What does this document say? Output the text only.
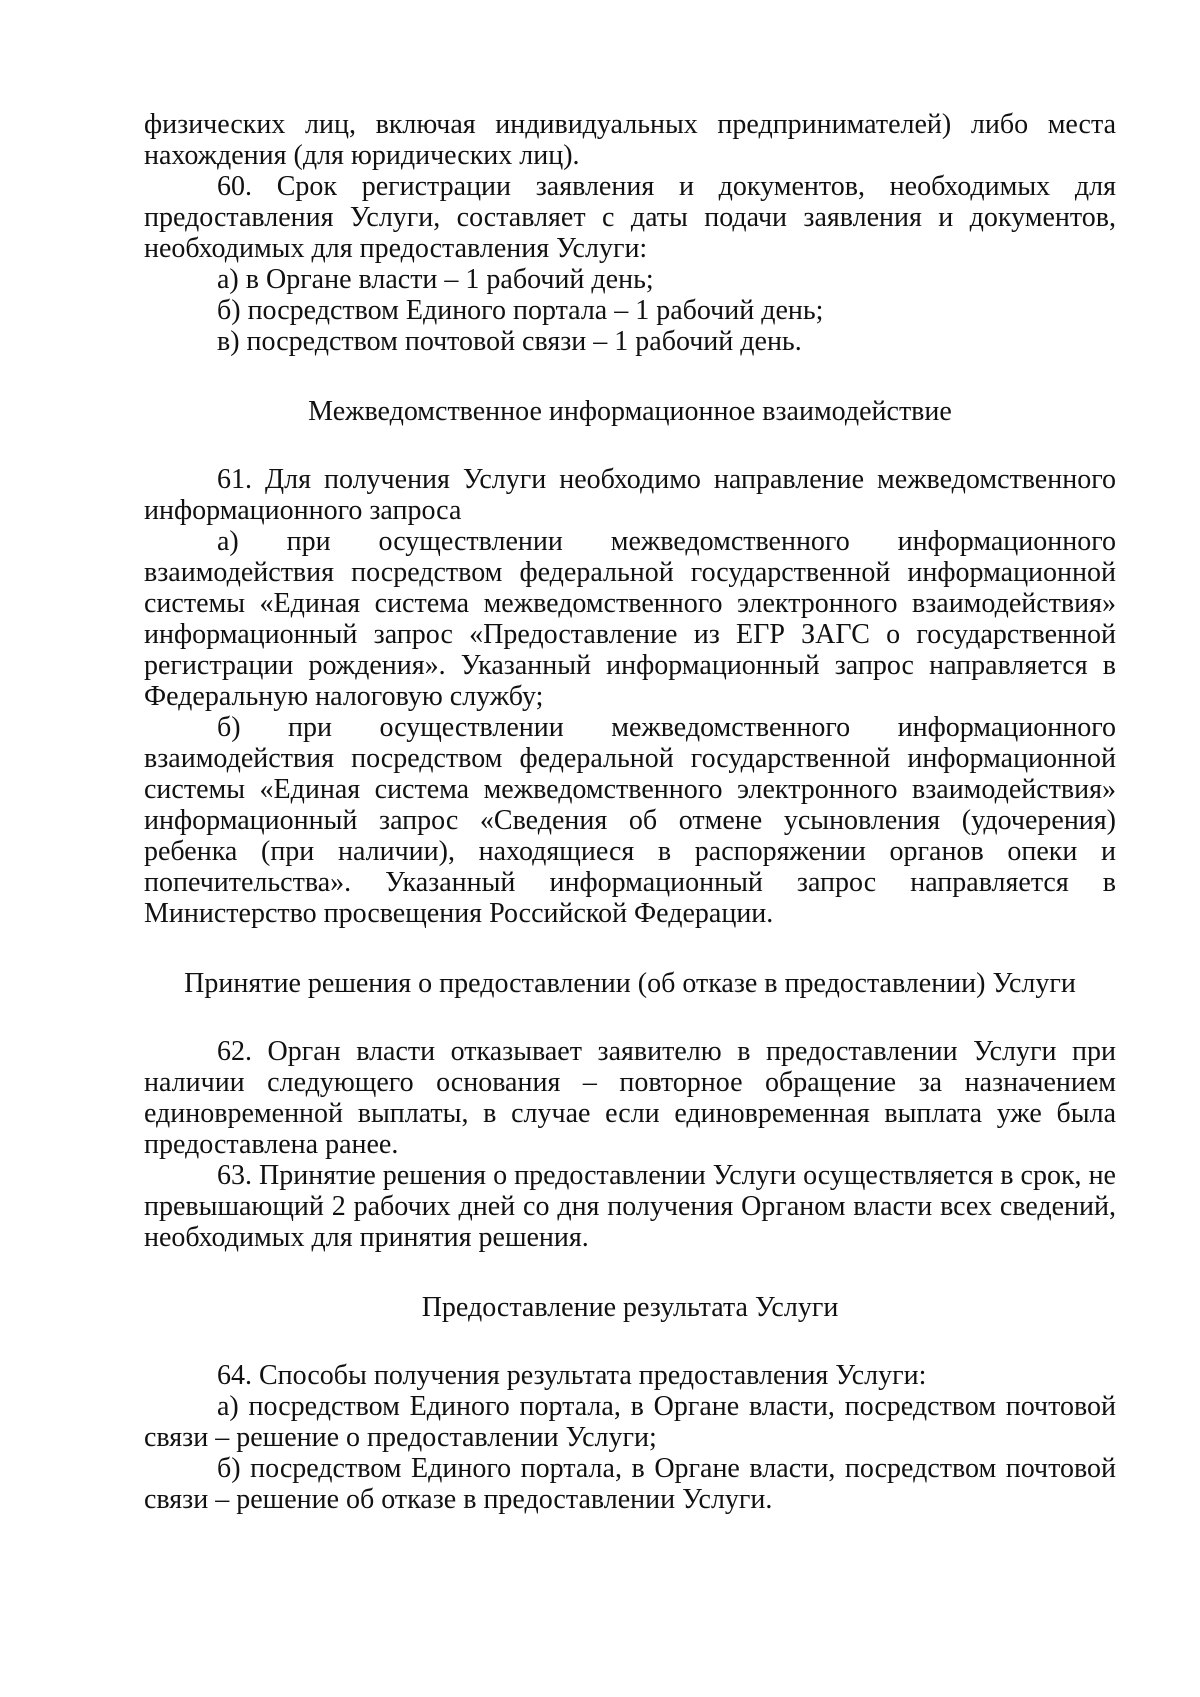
физических лиц, включая индивидуальных предпринимателей) либо места нахождения (для юридических лиц).

60. Срок регистрации заявления и документов, необходимых для предоставления Услуги, составляет с даты подачи заявления и документов, необходимых для предоставления Услуги:

а) в Органе власти – 1 рабочий день;

б) посредством Единого портала – 1 рабочий день;

в) посредством почтовой связи – 1 рабочий день.

Межведомственное информационное взаимодействие

61. Для получения Услуги необходимо направление межведомственного информационного запроса

а) при осуществлении межведомственного информационного взаимодействия посредством федеральной государственной информационной системы «Единая система межведомственного электронного взаимодействия» информационный запрос «Предоставление из ЕГР ЗАГС о государственной регистрации рождения». Указанный информационный запрос направляется в Федеральную налоговую службу;

б) при осуществлении межведомственного информационного взаимодействия посредством федеральной государственной информационной системы «Единая система межведомственного электронного взаимодействия» информационный запрос «Сведения об отмене усыновления (удочерения) ребенка (при наличии), находящиеся в распоряжении органов опеки и попечительства». Указанный информационный запрос направляется в Министерство просвещения Российской Федерации.

Принятие решения о предоставлении (об отказе в предоставлении) Услуги

62. Орган власти отказывает заявителю в предоставлении Услуги при наличии следующего основания – повторное обращение за назначением единовременной выплаты, в случае если единовременная выплата уже была предоставлена ранее.

63. Принятие решения о предоставлении Услуги осуществляется в срок, не превышающий 2 рабочих дней со дня получения Органом власти всех сведений, необходимых для принятия решения.

Предоставление результата Услуги

64. Способы получения результата предоставления Услуги:

а) посредством Единого портала, в Органе власти, посредством почтовой связи – решение о предоставлении Услуги;

б) посредством Единого портала, в Органе власти, посредством почтовой связи – решение об отказе в предоставлении Услуги.
